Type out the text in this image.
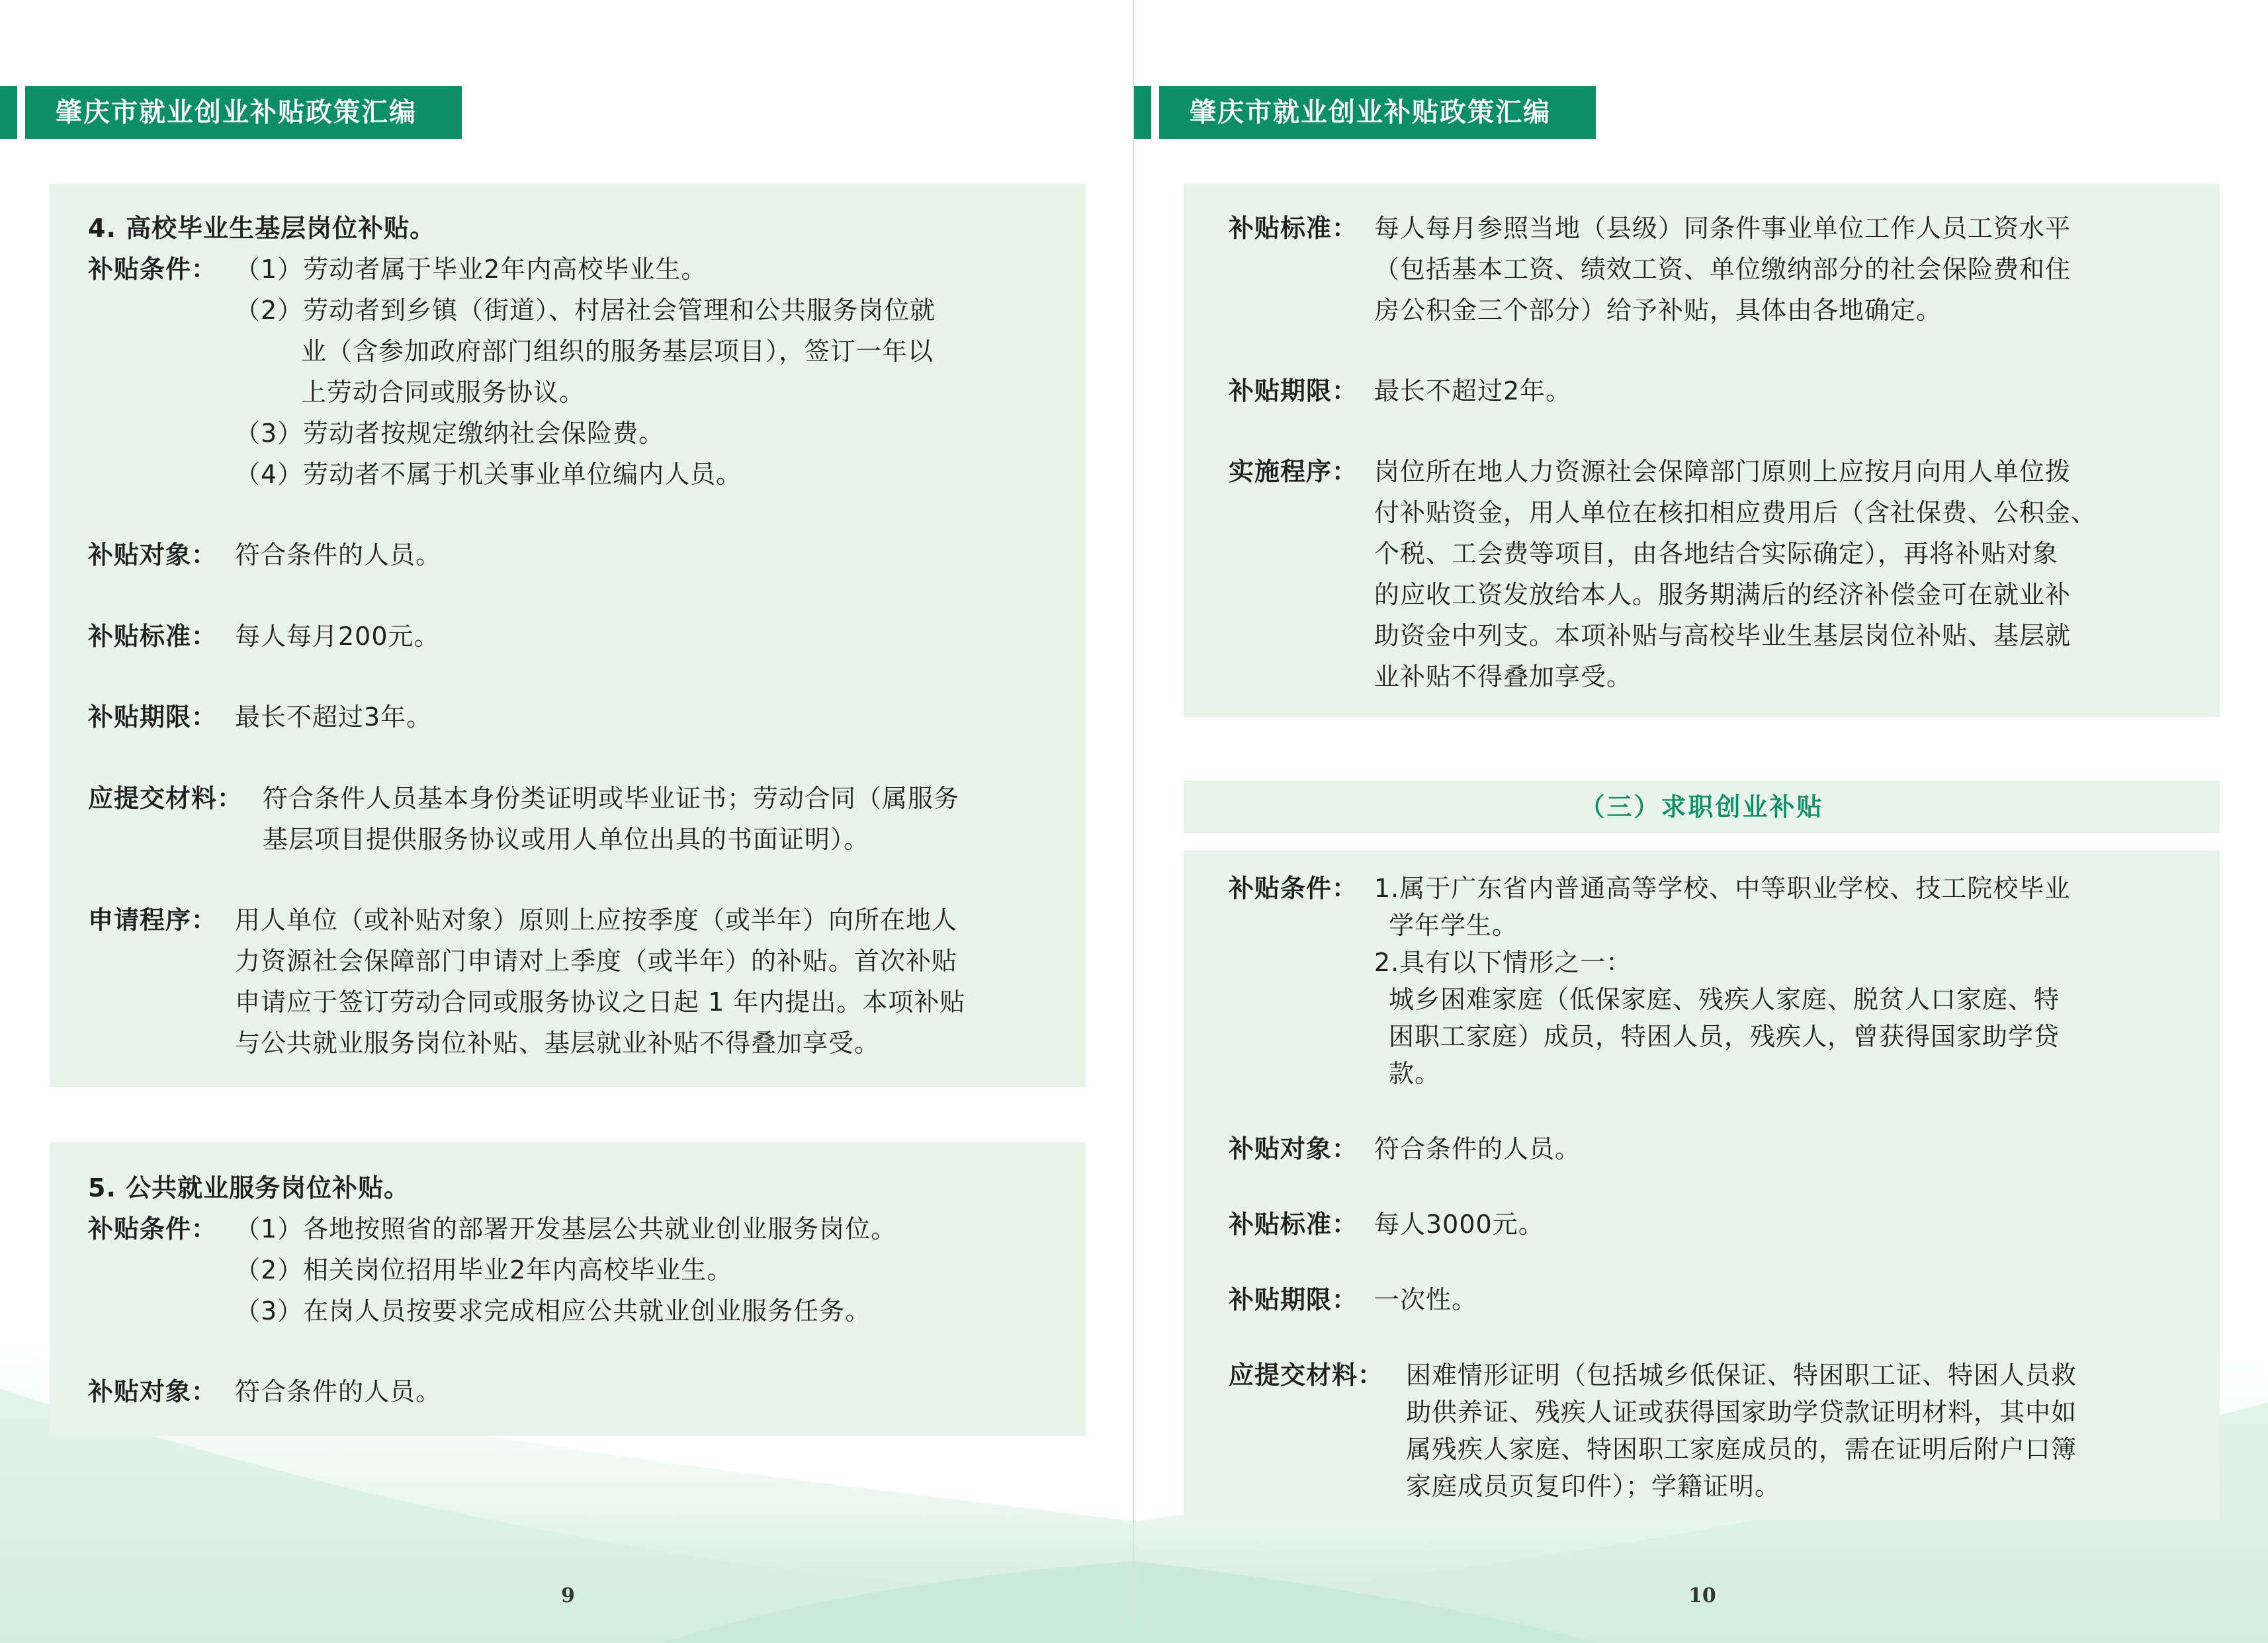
肇庆市就业创业补贴政策汇编
4. 高校毕业生基层岗位补贴。
补贴条件： （1）劳动者属于毕业2年内高校毕业生。
（2）劳动者到乡镇（街道）、村居社会管理和公共服务岗位就
业（含参加政府部门组织的服务基层项目），签订一年以
上劳动合同或服务协议。
（3）劳动者按规定缴纳社会保险费。
（4）劳动者不属于机关事业单位编内人员。
补贴对象： 符合条件的人员。
补贴标准： 每人每月200元。
补贴期限： 最长不超过3年。
应提交材料： 符合条件人员基本身份类证明或毕业证书；劳动合同（属服务
基层项目提供服务协议或用人单位出具的书面证明）。
申请程序： 用人单位（或补贴对象）原则上应按季度（或半年）向所在地人
力资源社会保障部门申请对上季度（或半年）的补贴。首次补贴
申请应于签订劳动合同或服务协议之日起 1 年内提出。本项补贴
与公共就业服务岗位补贴、基层就业补贴不得叠加享受。
5. 公共就业服务岗位补贴。
补贴条件： （1）各地按照省的部署开发基层公共就业创业服务岗位。
（2）相关岗位招用毕业2年内高校毕业生。
（3）在岗人员按要求完成相应公共就业创业服务任务。
补贴对象： 符合条件的人员。
9
肇庆市就业创业补贴政策汇编
补贴标准： 每人每月参照当地（县级）同条件事业单位工作人员工资水平
（包括基本工资、绩效工资、单位缴纳部分的社会保险费和住
房公积金三个部分）给予补贴，具体由各地确定。
补贴期限： 最长不超过2年。
实施程序： 岗位所在地人力资源社会保障部门原则上应按月向用人单位拨
付补贴资金，用人单位在核扣相应费用后（含社保费、公积金、
个税、工会费等项目，由各地结合实际确定），再将补贴对象
的应收工资发放给本人。服务期满后的经济补偿金可在就业补
助资金中列支。本项补贴与高校毕业生基层岗位补贴、基层就
业补贴不得叠加享受。
（三）求职创业补贴
补贴条件： 1.属于广东省内普通高等学校、中等职业学校、技工院校毕业
学年学生。
2.具有以下情形之一：
城乡困难家庭（低保家庭、残疾人家庭、脱贫人口家庭、特
困职工家庭）成员，特困人员，残疾人，曾获得国家助学贷
款。
补贴对象： 符合条件的人员。
补贴标准： 每人3000元。
补贴期限： 一次性。
应提交材料： 困难情形证明（包括城乡低保证、特困职工证、特困人员救
助供养证、残疾人证或获得国家助学贷款证明材料，其中如
属残疾人家庭、特困职工家庭成员的，需在证明后附户口簿
家庭成员页复印件）；学籍证明。
10
